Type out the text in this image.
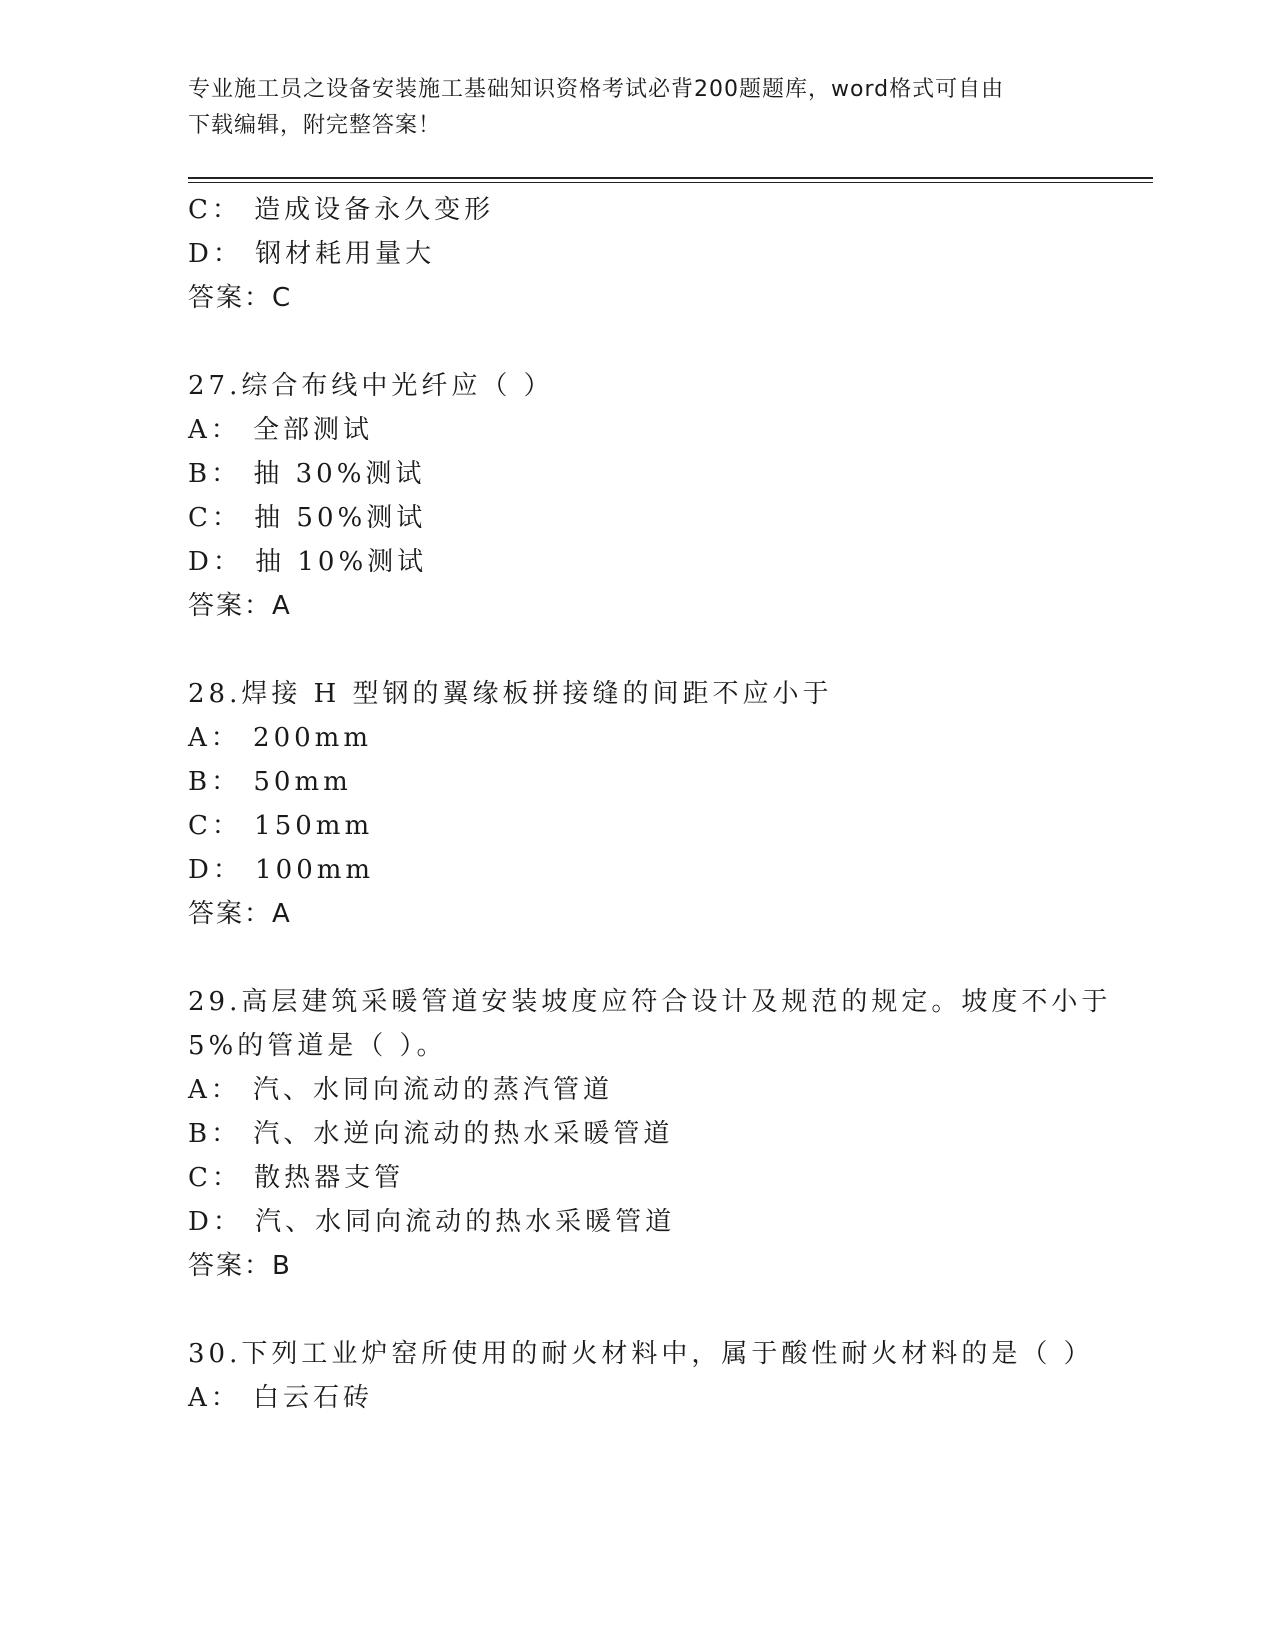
专业施工员之设备安装施工基础知识资格考试必背200题题库，word格式可自由
下载编辑，附完整答案！
C： 造成设备永久变形
D： 钢材耗用量大
答案：C
27.综合布线中光纤应（ ）
A： 全部测试
B： 抽 30%测试
C： 抽 50%测试
D： 抽 10%测试
答案：A
28.焊接 H 型钢的翼缘板拼接缝的间距不应小于
A： 200mm
B： 50mm
C： 150mm
D： 100mm
答案：A
29.高层建筑采暖管道安装坡度应符合设计及规范的规定。坡度不小于
5%的管道是（ ）。
A： 汽、水同向流动的蒸汽管道
B： 汽、水逆向流动的热水采暖管道
C： 散热器支管
D： 汽、水同向流动的热水采暖管道
答案：B
30.下列工业炉窑所使用的耐火材料中，属于酸性耐火材料的是（ ）
A： 白云石砖
